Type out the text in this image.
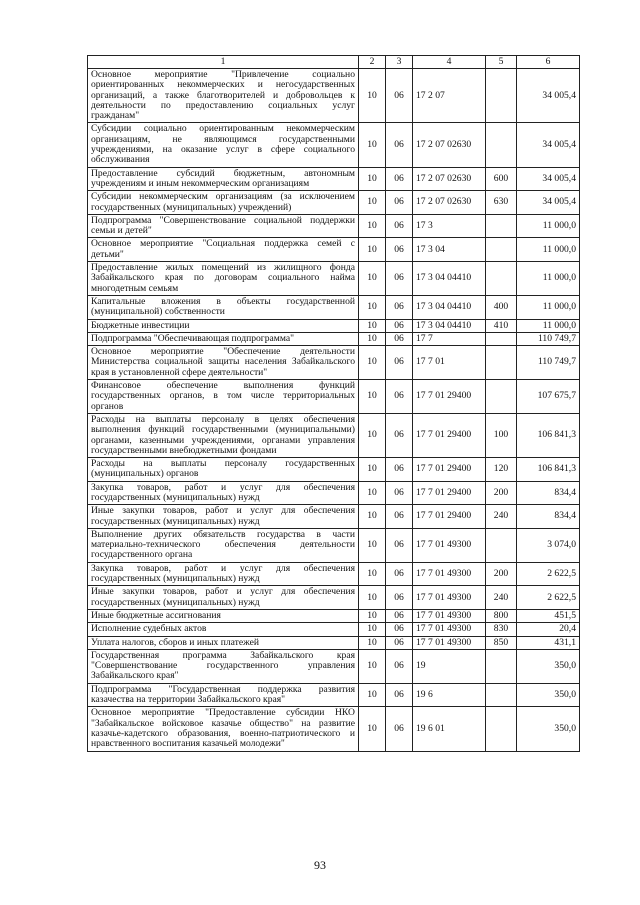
1	2	3	4	5	6
Основное мероприятие "Привлечение социально ориентированных некоммерческих и негосударственных организаций, а также благотворителей и добровольцев к деятельности по предоставлению социальных услуг гражданам"	10	06	17 2 07		34 005,4
Субсидии социально ориентированным некоммерческим организациям, не являющимся государственными учреждениями, на оказание услуг в сфере социального обслуживания	10	06	17 2 07 02630		34 005,4
Предоставление субсидий бюджетным, автономным учреждениям и иным некоммерческим организациям	10	06	17 2 07 02630	600	34 005,4
Субсидии некоммерческим организациям (за исключением государственных (муниципальных) учреждений)	10	06	17 2 07 02630	630	34 005,4
Подпрограмма "Совершенствование социальной поддержки семьи и детей"	10	06	17 3		11 000,0
Основное мероприятие "Социальная поддержка семей с детьми"	10	06	17 3 04		11 000,0
Предоставление жилых помещений из жилищного фонда Забайкальского края по договорам социального найма многодетным семьям	10	06	17 3 04 04410		11 000,0
Капитальные вложения в объекты государственной (муниципальной) собственности	10	06	17 3 04 04410	400	11 000,0
Бюджетные инвестиции	10	06	17 3 04 04410	410	11 000,0
Подпрограмма "Обеспечивающая подпрограмма"	10	06	17 7		110 749,7
Основное мероприятие "Обеспечение деятельности Министерства социальной защиты населения Забайкальского края в установленной сфере деятельности"	10	06	17 7 01		110 749,7
Финансовое обеспечение выполнения функций государственных органов, в том числе территориальных органов	10	06	17 7 01 29400		107 675,7
Расходы на выплаты персоналу в целях обеспечения выполнения функций государственными (муниципальными) органами, казенными учреждениями, органами управления государственными внебюджетными фондами	10	06	17 7 01 29400	100	106 841,3
Расходы на выплаты персоналу государственных (муниципальных) органов	10	06	17 7 01 29400	120	106 841,3
Закупка товаров, работ и услуг для обеспечения государственных (муниципальных) нужд	10	06	17 7 01 29400	200	834,4
Иные закупки товаров, работ и услуг для обеспечения государственных (муниципальных) нужд	10	06	17 7 01 29400	240	834,4
Выполнение других обязательств государства в части материально-технического обеспечения деятельности государственного органа	10	06	17 7 01 49300		3 074,0
Закупка товаров, работ и услуг для обеспечения государственных (муниципальных) нужд	10	06	17 7 01 49300	200	2 622,5
Иные закупки товаров, работ и услуг для обеспечения государственных (муниципальных) нужд	10	06	17 7 01 49300	240	2 622,5
Иные бюджетные ассигнования	10	06	17 7 01 49300	800	451,5
Исполнение судебных актов	10	06	17 7 01 49300	830	20,4
Уплата налогов, сборов и иных платежей	10	06	17 7 01 49300	850	431,1
Государственная программа Забайкальского края "Совершенствование государственного управления Забайкальского края"	10	06	19		350,0
Подпрограмма "Государственная поддержка развития казачества на территории Забайкальского края"	10	06	19 6		350,0
Основное мероприятие "Предоставление субсидии НКО "Забайкальское войсковое казачье общество" на развитие казачье-кадетского образования, военно-патриотического и нравственного воспитания казачьей молодежи"	10	06	19 6 01		350,0
93
